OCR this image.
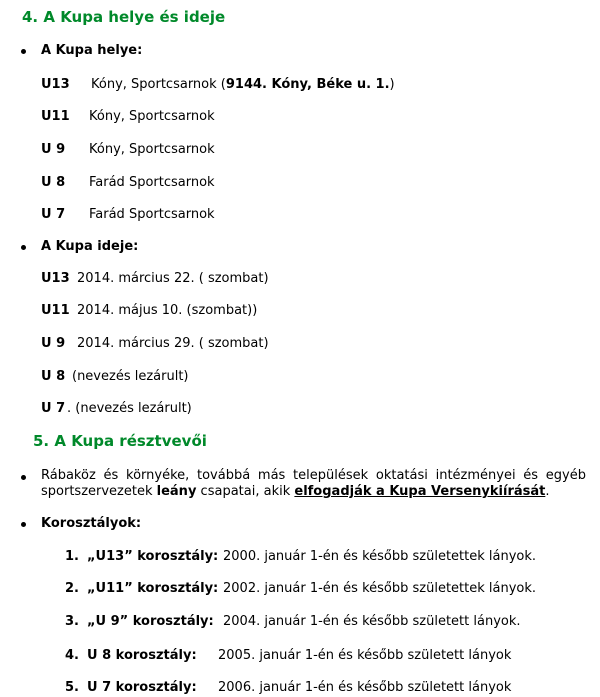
4. A Kupa helye és ideje
A Kupa helye:
U13 Kóny, Sportcsarnok (9144. Kóny, Béke u. 1.)
U11 Kóny, Sportcsarnok
U 9 Kóny, Sportcsarnok
U 8 Farád Sportcsarnok
U 7 Farád Sportcsarnok
A Kupa ideje:
U13 2014. március 22. ( szombat)
U11 2014. május 10. (szombat))
U 9 2014. március 29. ( szombat)
U 8 (nevezés lezárult)
U 7 . (nevezés lezárult)
5. A Kupa résztvevői
Rábaköz és környéke, továbbá más települések oktatási intézményei és egyéb sportszervezetek leány csapatai, akik elfogadják a Kupa Versenykiírását.
Korosztályok:
1. „U13” korosztály: 2000. január 1-én és később születettek lányok.
2. „U11” korosztály: 2002. január 1-én és később születettek lányok.
3. „U 9” korosztály: 2004. január 1-én és később született lányok.
4. U 8 korosztály: 2005. január 1-én és később született lányok
5. U 7 korosztály: 2006. január 1-én és később született lányok
